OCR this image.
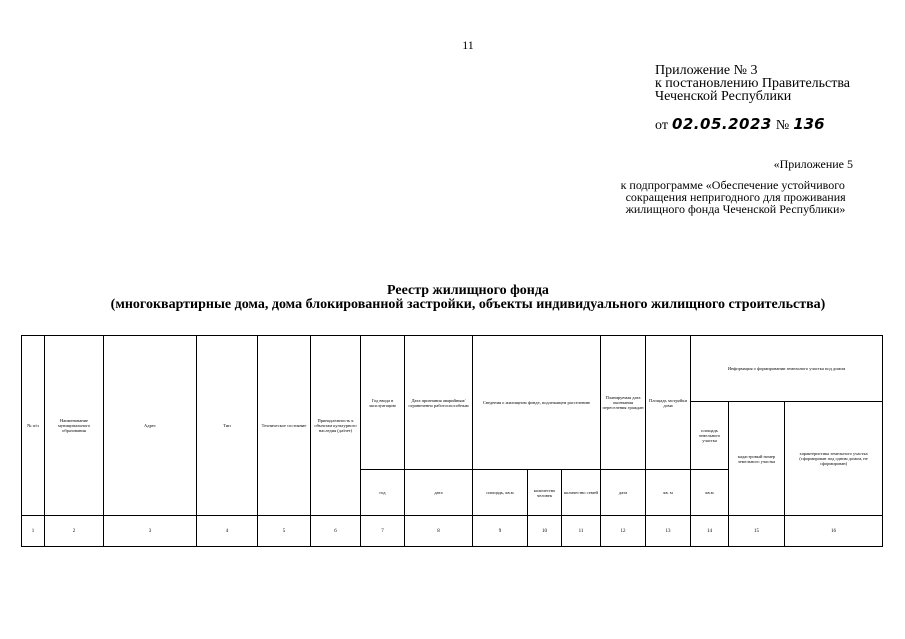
11
Приложение № 3
к постановлению Правительства
Чеченской Республики
от 02.05.2023 № 136
«Приложение 5
к подпрограмме «Обеспечение устойчивого
сокращения непригодного для проживания
жилищного фонда Чеченской Республики»
Реестр жилищного фонда
(многоквартирные дома, дома блокированной застройки, объекты индивидуального жилищного строительства)
№ п/п	Наименование муниципального образования	Адрес	Тип	Техническое состояние	Принадлежность к объектам культурного наследия (да/нет)	Год ввода в эксплуатацию	Дата признания аварийным/ограниченно работоспособным	Сведения о жилищном фонде, подлежащем расселению			Планируемая дата окончания переселения граждан	Площадь застройки дома	Информация о формировании земельного участка под домом		
													площадь земельного участка	кадастровый номер земельного участка	характеристика земельного участка (сформирован под одним домом, не сформирован)
						год	дата	площадь, кв.м	количество человек	количество семей	дата	кв. м	кв.м		
1	2	3	4	5	6	7	8	9	10	11	12	13	14	15	16
